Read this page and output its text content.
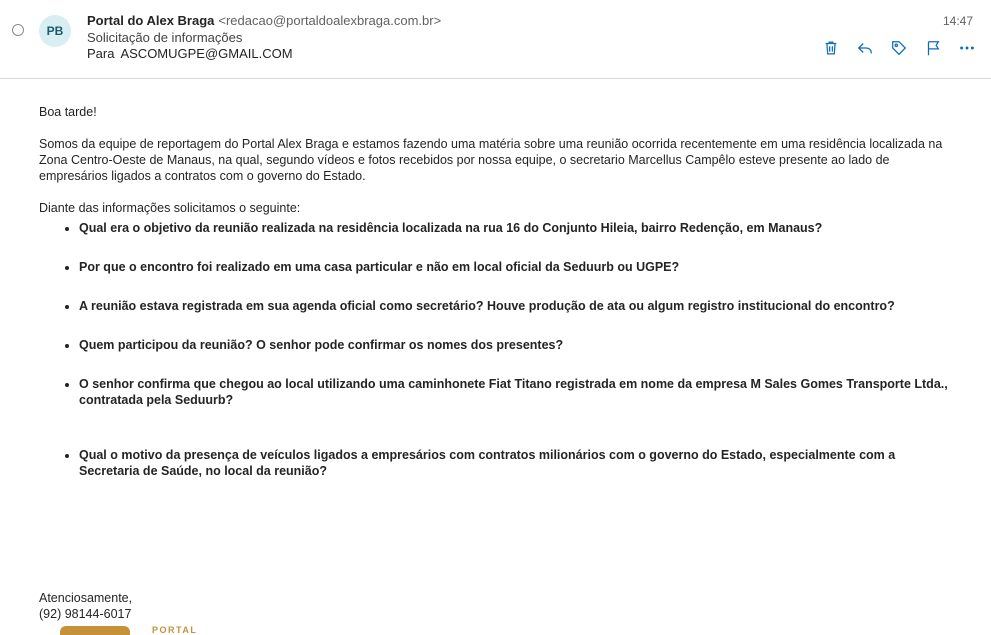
PB
Portal do Alex Braga <redacao@portaldoalexbraga.com.br>
Solicitação de informações
Para ASCOMUGPE@GMAIL.COM
14:47

Boa tarde!

Somos da equipe de reportagem do Portal Alex Braga e estamos fazendo uma matéria sobre uma reunião ocorrida recentemente em uma residência localizada na Zona Centro-Oeste de Manaus, na qual, segundo vídeos e fotos recebidos por nossa equipe, o secretario Marcellus Campêlo esteve presente ao lado de empresários ligados a contratos com o governo do Estado.

Diante das informações solicitamos o seguinte:

• Qual era o objetivo da reunião realizada na residência localizada na rua 16 do Conjunto Hileia, bairro Redenção, em Manaus?
• Por que o encontro foi realizado em uma casa particular e não em local oficial da Seduurb ou UGPE?
• A reunião estava registrada em sua agenda oficial como secretário? Houve produção de ata ou algum registro institucional do encontro?
• Quem participou da reunião? O senhor pode confirmar os nomes dos presentes?
• O senhor confirma que chegou ao local utilizando uma caminhonete Fiat Titano registrada em nome da empresa M Sales Gomes Transporte Ltda., contratada pela Seduurb?
• Qual o motivo da presença de veículos ligados a empresários com contratos milionários com o governo do Estado, especialmente com a Secretaria de Saúde, no local da reunião?
Atenciosamente,
(92) 98144-6017
PORTAL
